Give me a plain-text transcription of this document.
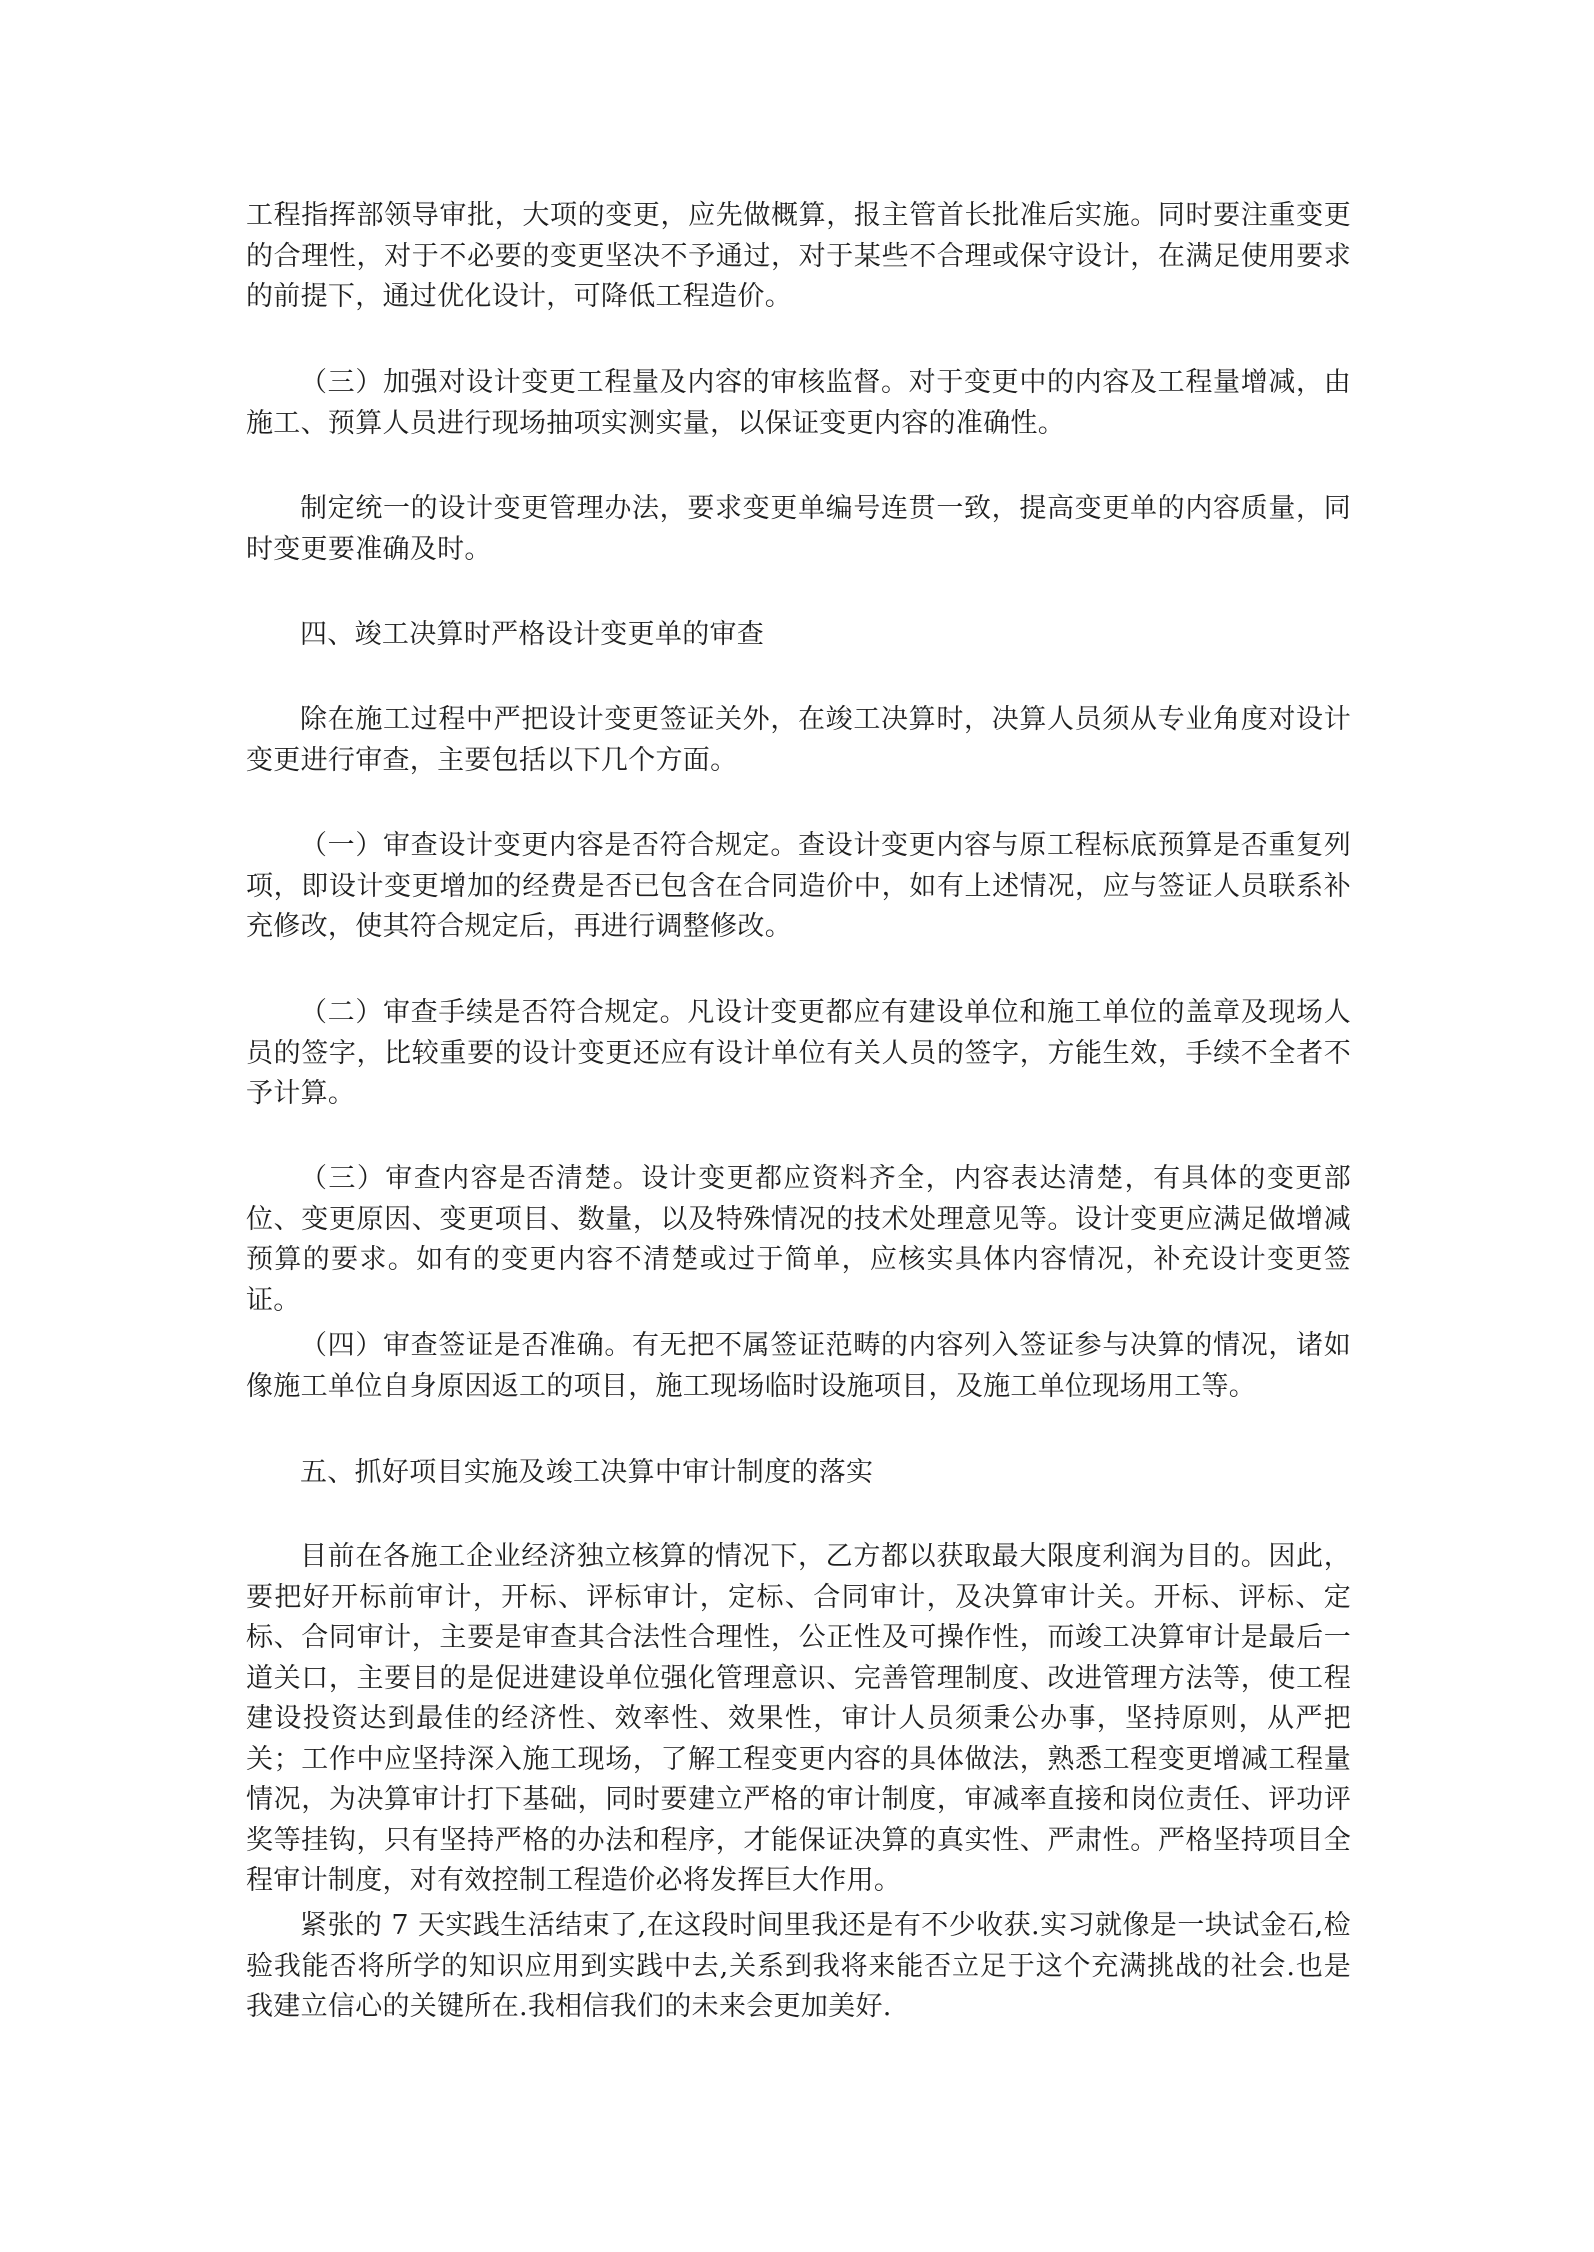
工程指挥部领导审批，大项的变更，应先做概算，报主管首长批准后实施。同时要注重变更的合理性，对于不必要的变更坚决不予通过，对于某些不合理或保守设计，在满足使用要求的前提下，通过优化设计，可降低工程造价。
（三）加强对设计变更工程量及内容的审核监督。对于变更中的内容及工程量增减，由施工、预算人员进行现场抽项实测实量，以保证变更内容的准确性。
制定统一的设计变更管理办法，要求变更单编号连贯一致，提高变更单的内容质量，同时变更要准确及时。
四、竣工决算时严格设计变更单的审查
除在施工过程中严把设计变更签证关外，在竣工决算时，决算人员须从专业角度对设计变更进行审查，主要包括以下几个方面。
（一）审查设计变更内容是否符合规定。查设计变更内容与原工程标底预算是否重复列项，即设计变更增加的经费是否已包含在合同造价中，如有上述情况，应与签证人员联系补充修改，使其符合规定后，再进行调整修改。
（二）审查手续是否符合规定。凡设计变更都应有建设单位和施工单位的盖章及现场人员的签字，比较重要的设计变更还应有设计单位有关人员的签字，方能生效，手续不全者不予计算。
（三）审查内容是否清楚。设计变更都应资料齐全，内容表达清楚，有具体的变更部位、变更原因、变更项目、数量，以及特殊情况的技术处理意见等。设计变更应满足做增减预算的要求。如有的变更内容不清楚或过于简单，应核实具体内容情况，补充设计变更签证。
（四）审查签证是否准确。有无把不属签证范畴的内容列入签证参与决算的情况，诸如像施工单位自身原因返工的项目，施工现场临时设施项目，及施工单位现场用工等。
五、抓好项目实施及竣工决算中审计制度的落实
目前在各施工企业经济独立核算的情况下，乙方都以获取最大限度利润为目的。因此，要把好开标前审计，开标、评标审计，定标、合同审计，及决算审计关。开标、评标、定标、合同审计，主要是审查其合法性合理性，公正性及可操作性，而竣工决算审计是最后一道关口，主要目的是促进建设单位强化管理意识、完善管理制度、改进管理方法等，使工程建设投资达到最佳的经济性、效率性、效果性，审计人员须秉公办事，坚持原则，从严把关；工作中应坚持深入施工现场，了解工程变更内容的具体做法，熟悉工程变更增减工程量情况，为决算审计打下基础，同时要建立严格的审计制度，审减率直接和岗位责任、评功评奖等挂钩，只有坚持严格的办法和程序，才能保证决算的真实性、严肃性。严格坚持项目全程审计制度，对有效控制工程造价必将发挥巨大作用。
紧张的 7 天实践生活结束了,在这段时间里我还是有不少收获.实习就像是一块试金石,检验我能否将所学的知识应用到实践中去,关系到我将来能否立足于这个充满挑战的社会.也是我建立信心的关键所在.我相信我们的未来会更加美好.
